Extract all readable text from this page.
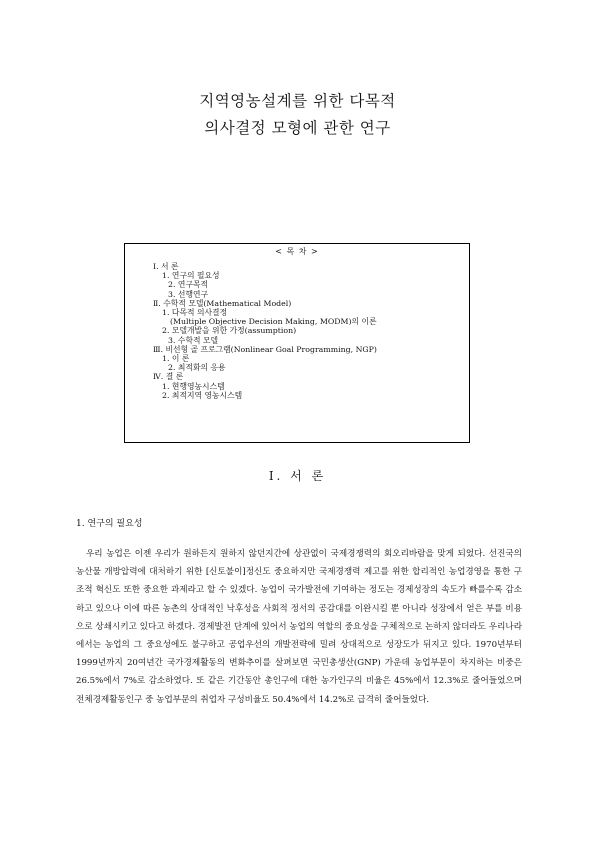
지역영농설계를 위한 다목적
의사결정 모형에 관한 연구
< 목 차 >
Ⅰ. 서 론
1. 연구의 필요성
2. 연구목적
3. 선행연구
Ⅱ. 수학적 모델(Mathematical Model)
1. 다목적 의사결정
(Multiple Objective Decision Making, MODM)의 이론
2. 모델개발을 위한 가정(assumption)
3. 수학적 모델
Ⅲ. 비선형 골 프로그램(Nonlinear Goal Programming, NGP)
1. 이 론
2. 최적화의 응용
Ⅳ. 결 론
1. 현행영농시스템
2. 최적지역 영농시스템
Ⅰ. 서 론
1. 연구의 필요성

우리 농업은 이젠 우리가 원하든지 원하지 않던지간에 상관없이 국제경쟁력의 회오리바람을 맞게 되었다. 선진국의 농산물 개방압력에 대처하기 위한 [신토불이]정신도 중요하지만 국제경쟁력 제고를 위한 합리적인 농업경영을 통한 구조적 혁신도 또한 중요한 과제라고 할 수 있겠다. 농업이 국가발전에 기여하는 정도는 경제성장의 속도가 빠를수록 감소하고 있으나 이에 따른 농촌의 상대적인 낙후성을 사회적 정서의 공감대를 이완시킬 뿐 아니라 성장에서 얻은 부를 비용으로 상쇄시키고 있다고 하겠다. 경제발전 단계에 있어서 농업의 역할의 중요성을 구체적으로 논하지 않더라도 우리나라에서는 농업의 그 중요성에도 불구하고 공업우선의 개발전략에 밀려 상대적으로 성장도가 뒤지고 있다. 1970년부터 1999년까지 20여년간 국가경제활동의 변화추이를 살펴보면 국민총생산(GNP) 가운데 농업부문이 차지하는 비중은 26.5%에서 7%로 감소하였다. 또 같은 기간동안 총인구에 대한 농가인구의 비율은 45%에서 12.3%로 줄어들었으며 전체경제활동인구 중 농업부문의 취업자 구성비율도 50.4%에서 14.2%로 급격히 줄어들었다.
